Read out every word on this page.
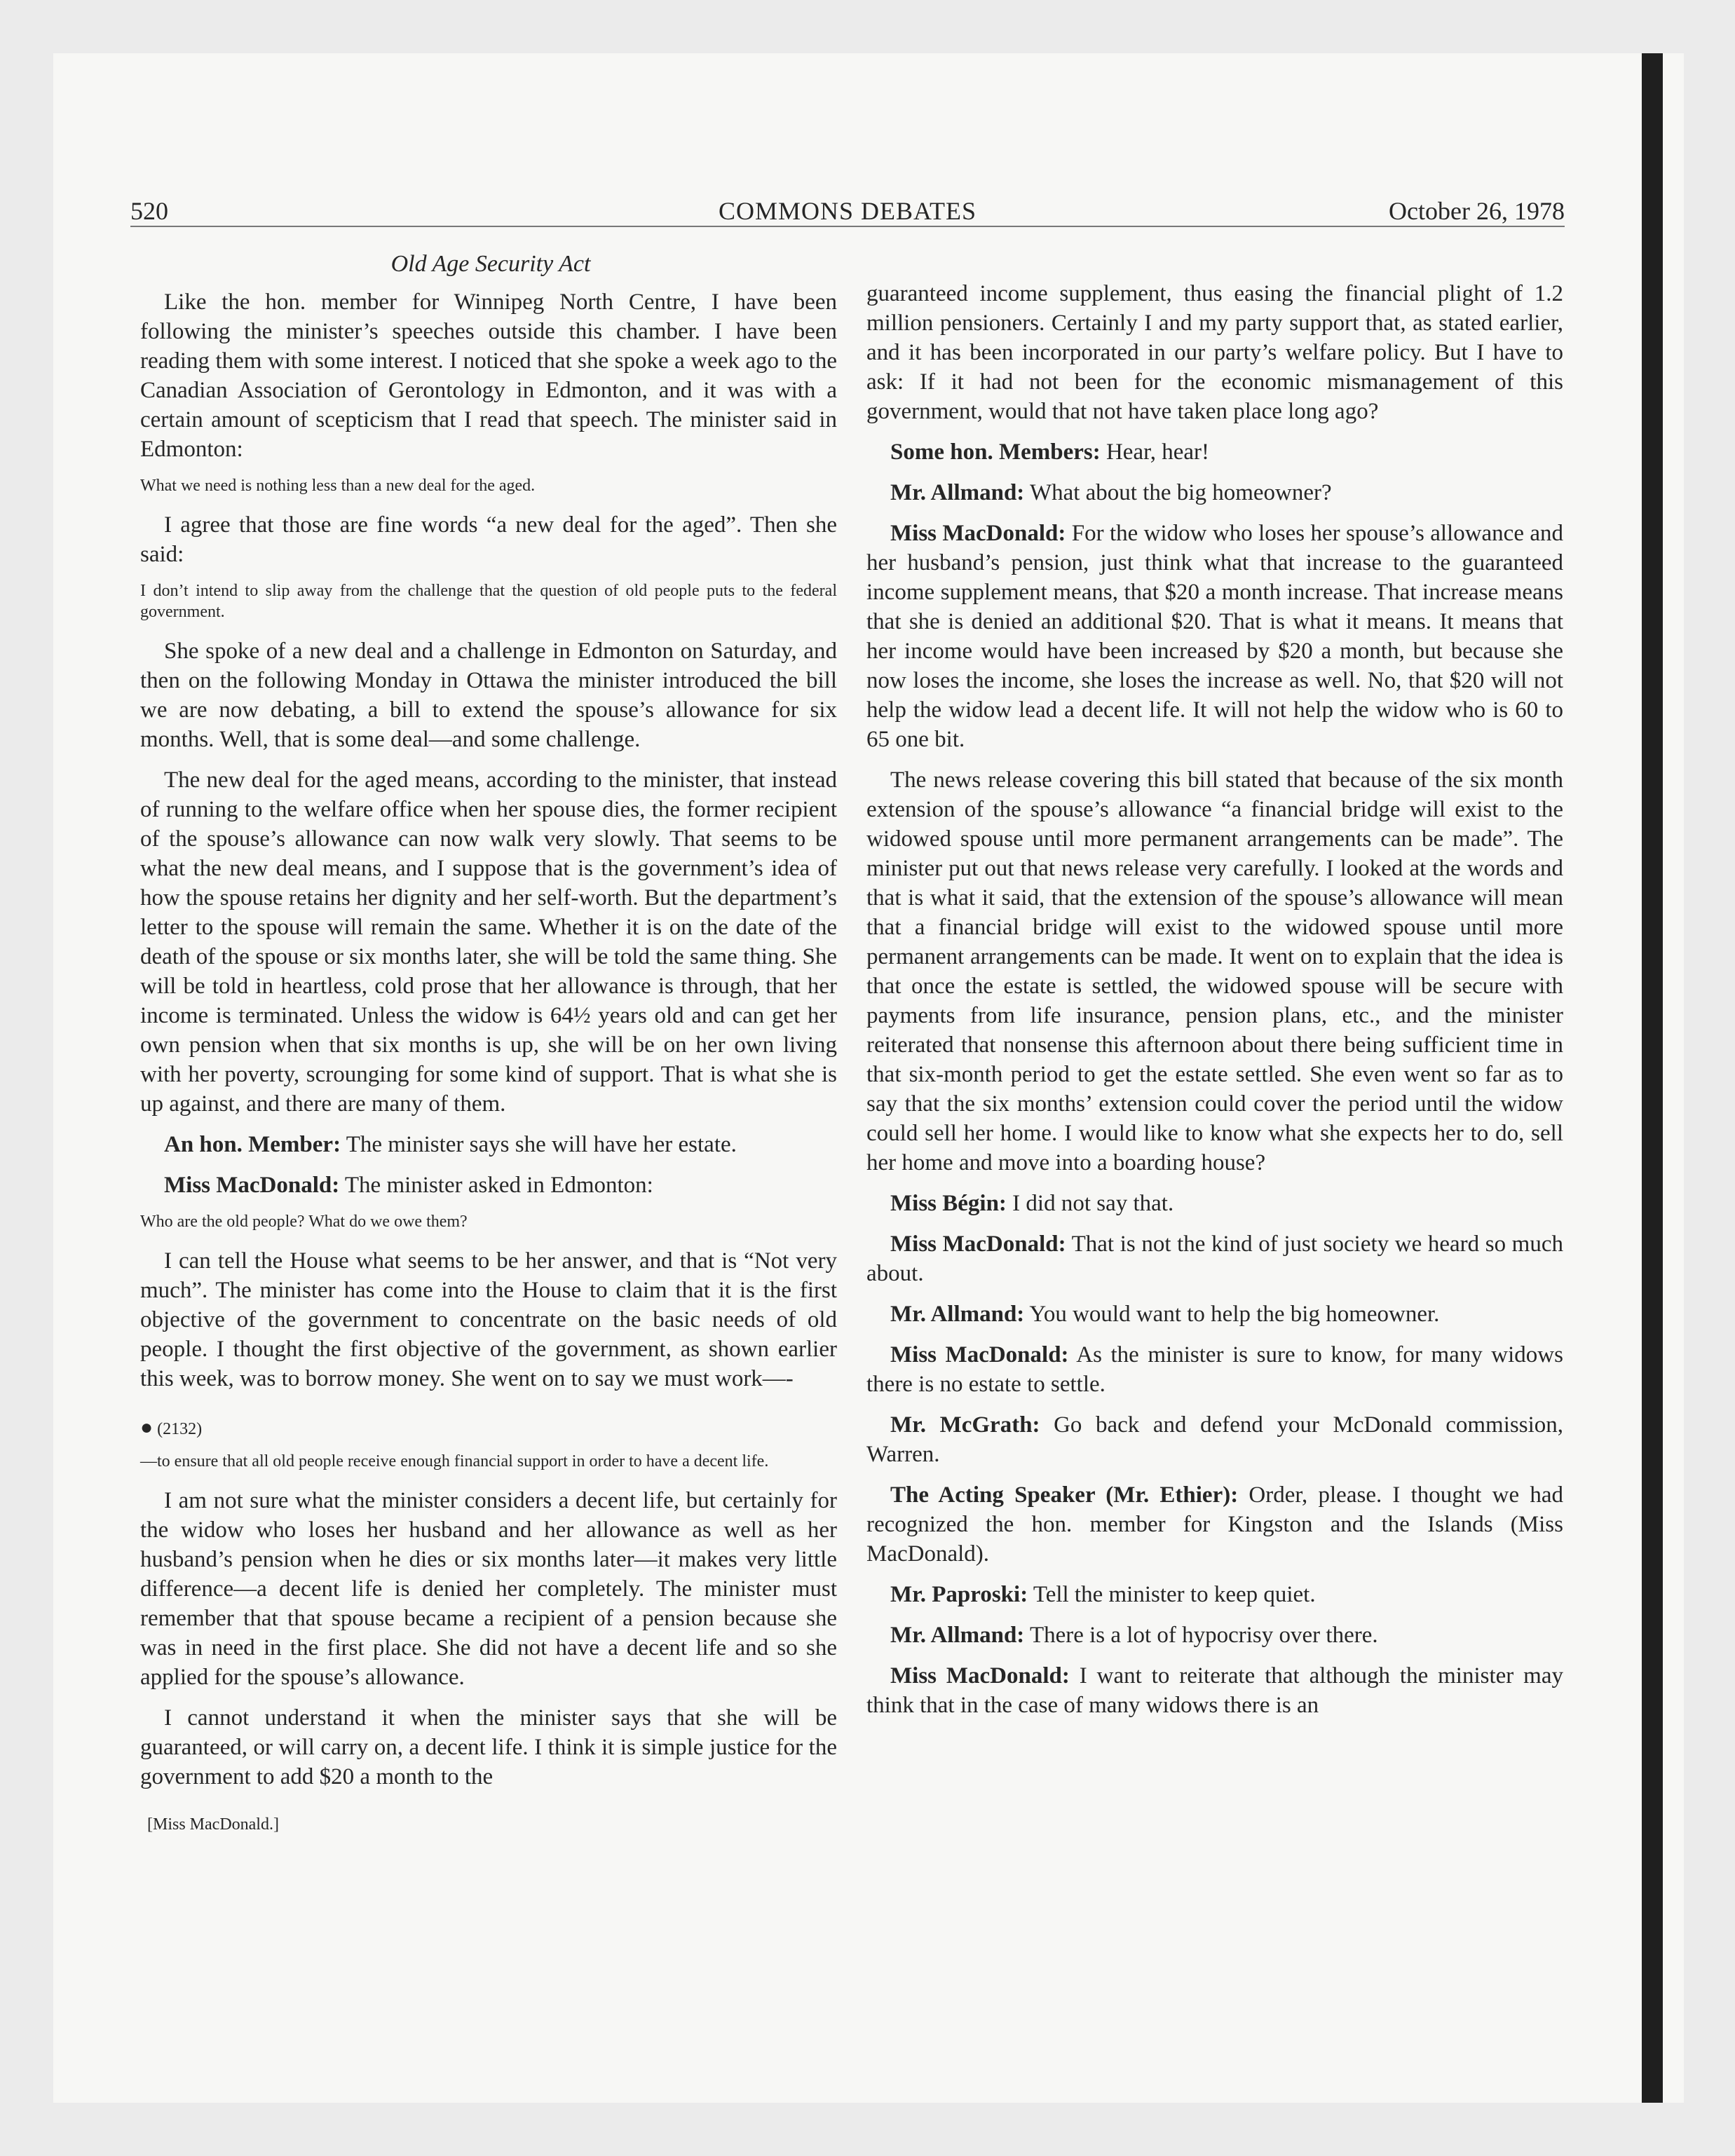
520	COMMONS DEBATES	October 26, 1978
Old Age Security Act

Like the hon. member for Winnipeg North Centre, I have been following the minister’s speeches outside this chamber. I have been reading them with some interest. I noticed that she spoke a week ago to the Canadian Association of Gerontology in Edmonton, and it was with a certain amount of scepticism that I read that speech. The minister said in Edmonton:

What we need is nothing less than a new deal for the aged.

I agree that those are fine words “a new deal for the aged”. Then she said:

I don’t intend to slip away from the challenge that the question of old people puts to the federal government.

She spoke of a new deal and a challenge in Edmonton on Saturday, and then on the following Monday in Ottawa the minister introduced the bill we are now debating, a bill to extend the spouse’s allowance for six months. Well, that is some deal—and some challenge.

The new deal for the aged means, according to the minister, that instead of running to the welfare office when her spouse dies, the former recipient of the spouse’s allowance can now walk very slowly. That seems to be what the new deal means, and I suppose that is the government’s idea of how the spouse retains her dignity and her self-worth. But the department’s letter to the spouse will remain the same. Whether it is on the date of the death of the spouse or six months later, she will be told the same thing. She will be told in heartless, cold prose that her allowance is through, that her income is terminated. Unless the widow is 64½ years old and can get her own pension when that six months is up, she will be on her own living with her poverty, scrounging for some kind of support. That is what she is up against, and there are many of them.

An hon. Member: The minister says she will have her estate.

Miss MacDonald: The minister asked in Edmonton:

Who are the old people? What do we owe them?

I can tell the House what seems to be her answer, and that is “Not very much”. The minister has come into the House to claim that it is the first objective of the government to concentrate on the basic needs of old people. I thought the first objective of the government, as shown earlier this week, was to borrow money. She went on to say we must work—-

● (2132)

—to ensure that all old people receive enough financial support in order to have a decent life.

I am not sure what the minister considers a decent life, but certainly for the widow who loses her husband and her allowance as well as her husband’s pension when he dies or six months later—it makes very little difference—a decent life is denied her completely. The minister must remember that that spouse became a recipient of a pension because she was in need in the first place. She did not have a decent life and so she applied for the spouse’s allowance.

I cannot understand it when the minister says that she will be guaranteed, or will carry on, a decent life. I think it is simple justice for the government to add $20 a month to the

[Miss MacDonald.]

guaranteed income supplement, thus easing the financial plight of 1.2 million pensioners. Certainly I and my party support that, as stated earlier, and it has been incorporated in our party’s welfare policy. But I have to ask: If it had not been for the economic mismanagement of this government, would that not have taken place long ago?

Some hon. Members: Hear, hear!

Mr. Allmand: What about the big homeowner?

Miss MacDonald: For the widow who loses her spouse’s allowance and her husband’s pension, just think what that increase to the guaranteed income supplement means, that $20 a month increase. That increase means that she is denied an additional $20. That is what it means. It means that her income would have been increased by $20 a month, but because she now loses the income, she loses the increase as well. No, that $20 will not help the widow lead a decent life. It will not help the widow who is 60 to 65 one bit.

The news release covering this bill stated that because of the six month extension of the spouse’s allowance “a financial bridge will exist to the widowed spouse until more permanent arrangements can be made”. The minister put out that news release very carefully. I looked at the words and that is what it said, that the extension of the spouse’s allowance will mean that a financial bridge will exist to the widowed spouse until more permanent arrangements can be made. It went on to explain that the idea is that once the estate is settled, the widowed spouse will be secure with payments from life insurance, pension plans, etc., and the minister reiterated that nonsense this afternoon about there being sufficient time in that six-month period to get the estate settled. She even went so far as to say that the six months’ extension could cover the period until the widow could sell her home. I would like to know what she expects her to do, sell her home and move into a boarding house?

Miss Bégin: I did not say that.

Miss MacDonald: That is not the kind of just society we heard so much about.

Mr. Allmand: You would want to help the big homeowner.

Miss MacDonald: As the minister is sure to know, for many widows there is no estate to settle.

Mr. McGrath: Go back and defend your McDonald commission, Warren.

The Acting Speaker (Mr. Ethier): Order, please. I thought we had recognized the hon. member for Kingston and the Islands (Miss MacDonald).

Mr. Paproski: Tell the minister to keep quiet.

Mr. Allmand: There is a lot of hypocrisy over there.

Miss MacDonald: I want to reiterate that although the minister may think that in the case of many widows there is an
